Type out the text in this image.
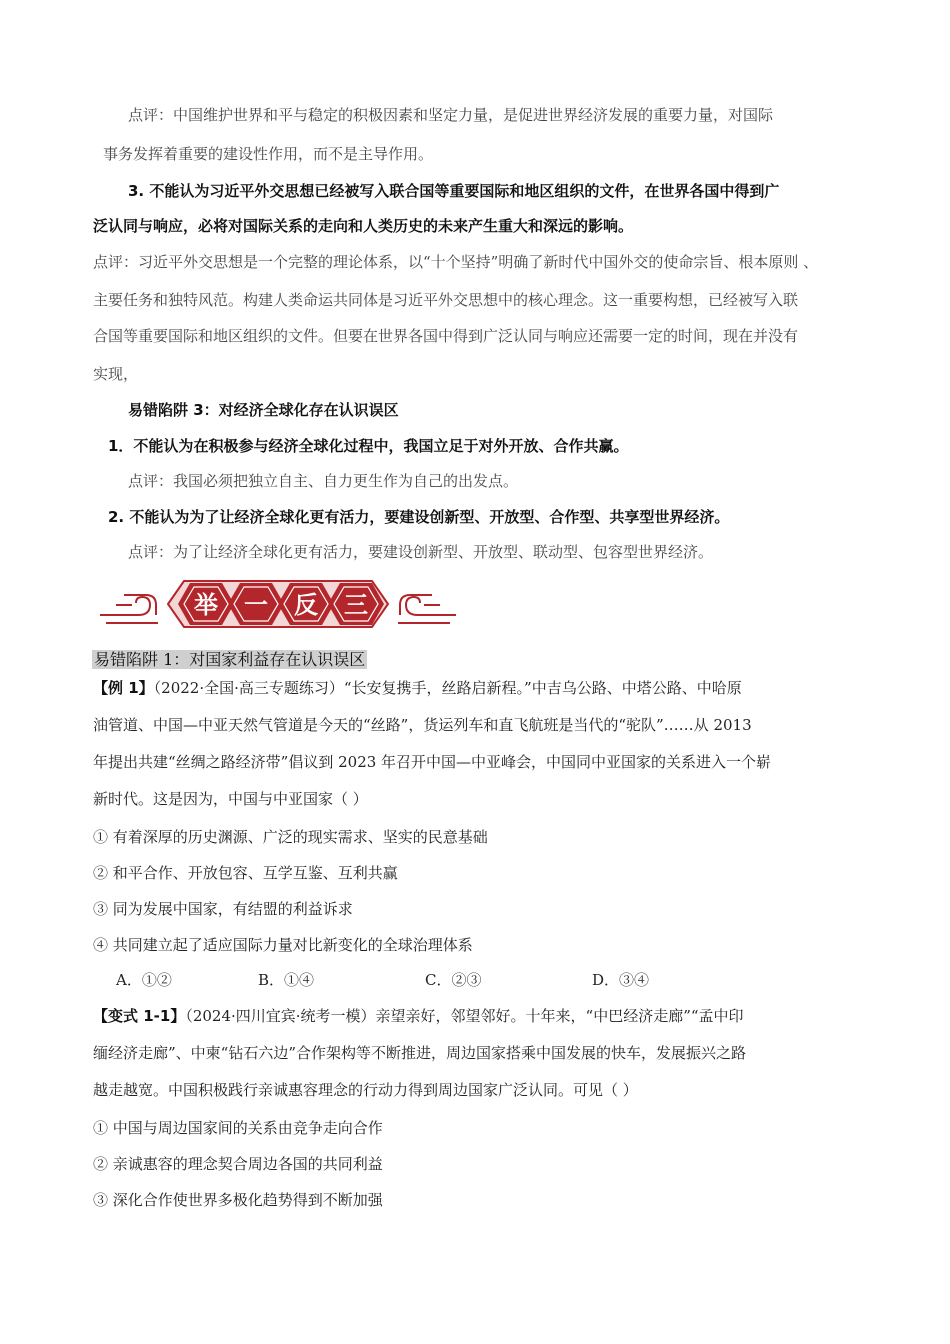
点评：中国维护世界和平与稳定的积极因素和坚定力量，是促进世界经济发展的重要力量，对国际
事务发挥着重要的建设性作用，而不是主导作用。
3. 不能认为习近平外交思想已经被写入联合国等重要国际和地区组织的文件，在世界各国中得到广
泛认同与响应，必将对国际关系的走向和人类历史的未来产生重大和深远的影响。
点评：习近平外交思想是一个完整的理论体系，以“十个坚持”明确了新时代中国外交的使命宗旨、根本原则 、
主要任务和独特风范。构建人类命运共同体是习近平外交思想中的核心理念。这一重要构想，已经被写入联
合国等重要国际和地区组织的文件。但要在世界各国中得到广泛认同与响应还需要一定的时间，现在并没有
实现，
易错陷阱 3：对经济全球化存在认识误区
1．不能认为在积极参与经济全球化过程中，我国立足于对外开放、合作共赢。
点评：我国必须把独立自主、自力更生作为自己的出发点。
2. 不能认为为了让经济全球化更有活力，要建设创新型、开放型、合作型、共享型世界经济。
点评：为了让经济全球化更有活力，要建设创新型、开放型、联动型、包容型世界经济。
举 一 反 三
易错陷阱 1：对国家利益存在认识误区
【例 1】（2022·全国·高三专题练习）“长安复携手，丝路启新程。”中吉乌公路、中塔公路、中哈原
油管道、中国—中亚天然气管道是今天的“丝路”，货运列车和直飞航班是当代的“驼队”……从 2013
年提出共建“丝绸之路经济带”倡议到 2023 年召开中国—中亚峰会，中国同中亚国家的关系进入一个崭
新时代。这是因为，中国与中亚国家（ ）
① 有着深厚的历史渊源、广泛的现实需求、坚实的民意基础
② 和平合作、开放包容、互学互鉴、互利共赢
③ 同为发展中国家，有结盟的利益诉求
④ 共同建立起了适应国际力量对比新变化的全球治理体系
A．①②	B．①④	C．②③	D．③④
【变式 1-1】（2024·四川宜宾·统考一模）亲望亲好，邻望邻好。十年来，“中巴经济走廊”“孟中印
缅经济走廊”、中柬“钻石六边”合作架构等不断推进，周边国家搭乘中国发展的快车，发展振兴之路
越走越宽。中国积极践行亲诚惠容理念的行动力得到周边国家广泛认同。可见（ ）
① 中国与周边国家间的关系由竞争走向合作
② 亲诚惠容的理念契合周边各国的共同利益
③ 深化合作使世界多极化趋势得到不断加强
